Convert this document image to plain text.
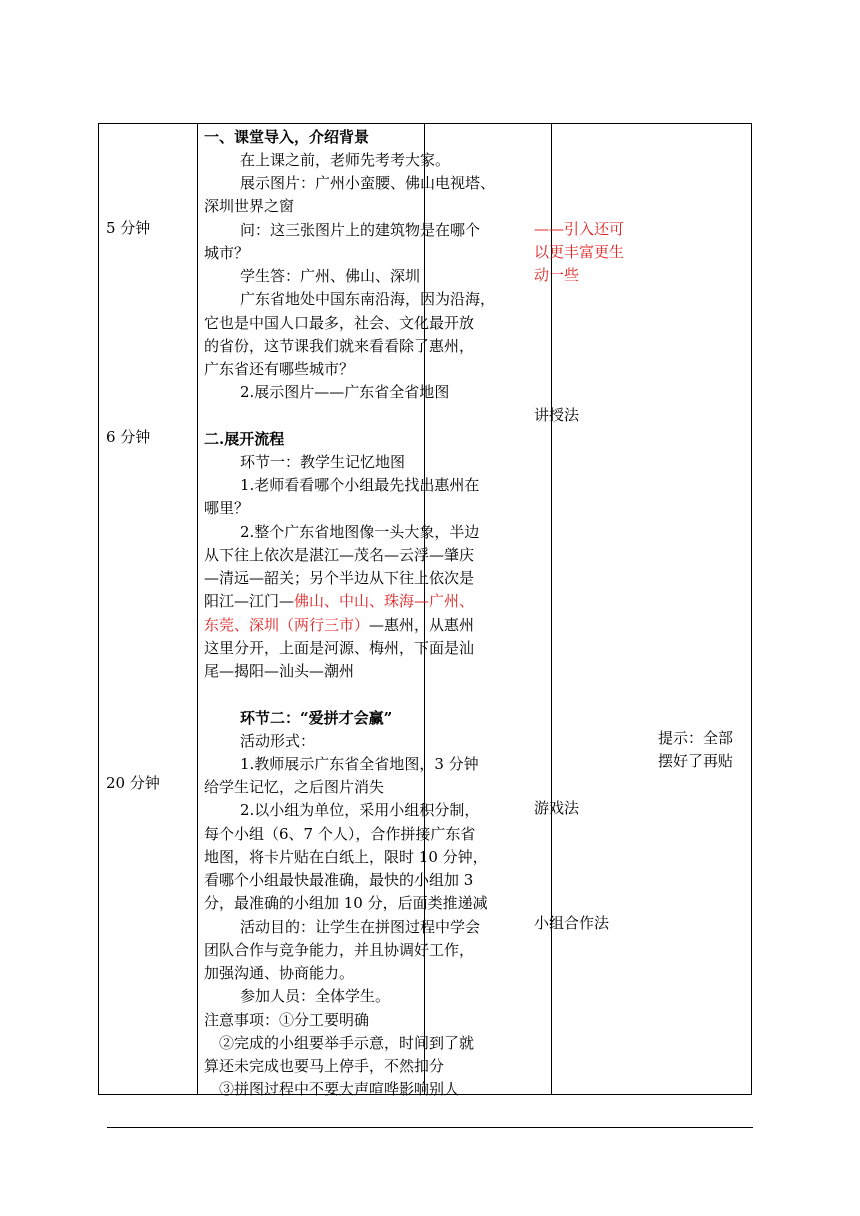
5 分钟
6 分钟
20 分钟
一、课堂导入，介绍背景
在上课之前，老师先考考大家。
展示图片：广州小蛮腰、佛山电视塔、
深圳世界之窗
问：这三张图片上的建筑物是在哪个
城市？
学生答：广州、佛山、深圳
广东省地处中国东南沿海，因为沿海，
它也是中国人口最多，社会、文化最开放
的省份，这节课我们就来看看除了惠州，
广东省还有哪些城市？
2.展示图片——广东省全省地图
二.展开流程
环节一：教学生记忆地图
1.老师看看哪个小组最先找出惠州在
哪里？
2.整个广东省地图像一头大象，半边
从下往上依次是湛江—茂名—云浮—肇庆
—清远—韶关；另个半边从下往上依次是
阳江—江门—佛山、中山、珠海—广州、
东莞、深圳（两行三市）—惠州，从惠州
这里分开，上面是河源、梅州，下面是汕
尾—揭阳—汕头—潮州
环节二：“爱拼才会赢”
活动形式：
1.教师展示广东省全省地图，3 分钟
给学生记忆，之后图片消失
2.以小组为单位，采用小组积分制，
每个小组（6、7 个人），合作拼接广东省
地图，将卡片贴在白纸上，限时 10 分钟，
看哪个小组最快最准确，最快的小组加 3
分，最准确的小组加 10 分，后面类推递减
活动目的：让学生在拼图过程中学会
团队合作与竞争能力，并且协调好工作，
加强沟通、协商能力。
参加人员：全体学生。
注意事项：①分工要明确
②完成的小组要举手示意，时间到了就
算还未完成也要马上停手，不然扣分
③拼图过程中不要大声喧哗影响别人
——引入还可
以更丰富更生
动一些
讲授法
游戏法
小组合作法
提示：全部
摆好了再贴
